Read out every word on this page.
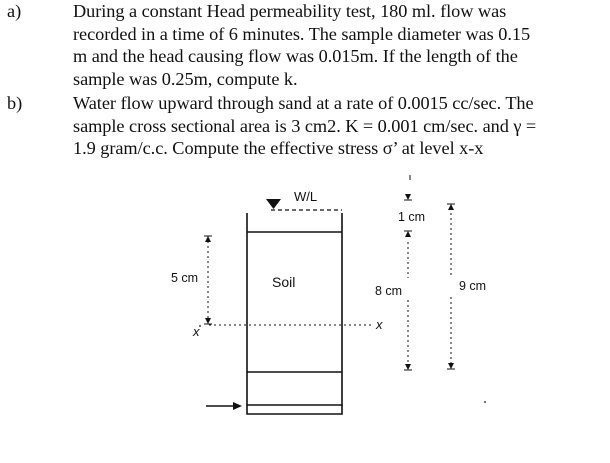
a)	During a constant Head permeability test, 180 ml. flow was
recorded in a time of 6 minutes. The sample diameter was 0.15
m and the head causing flow was 0.015m. If the length of the
sample was 0.25m, compute k.
b)	Water flow upward through sand at a rate of 0.0015 cc/sec. The
sample cross sectional area is 3 cm2. K = 0.001 cm/sec. and γ =
1.9 gram/c.c. Compute the effective stress σ’ at level x-x
W/L
Soil
x	x
5 cm
1 cm
8 cm	9 cm
